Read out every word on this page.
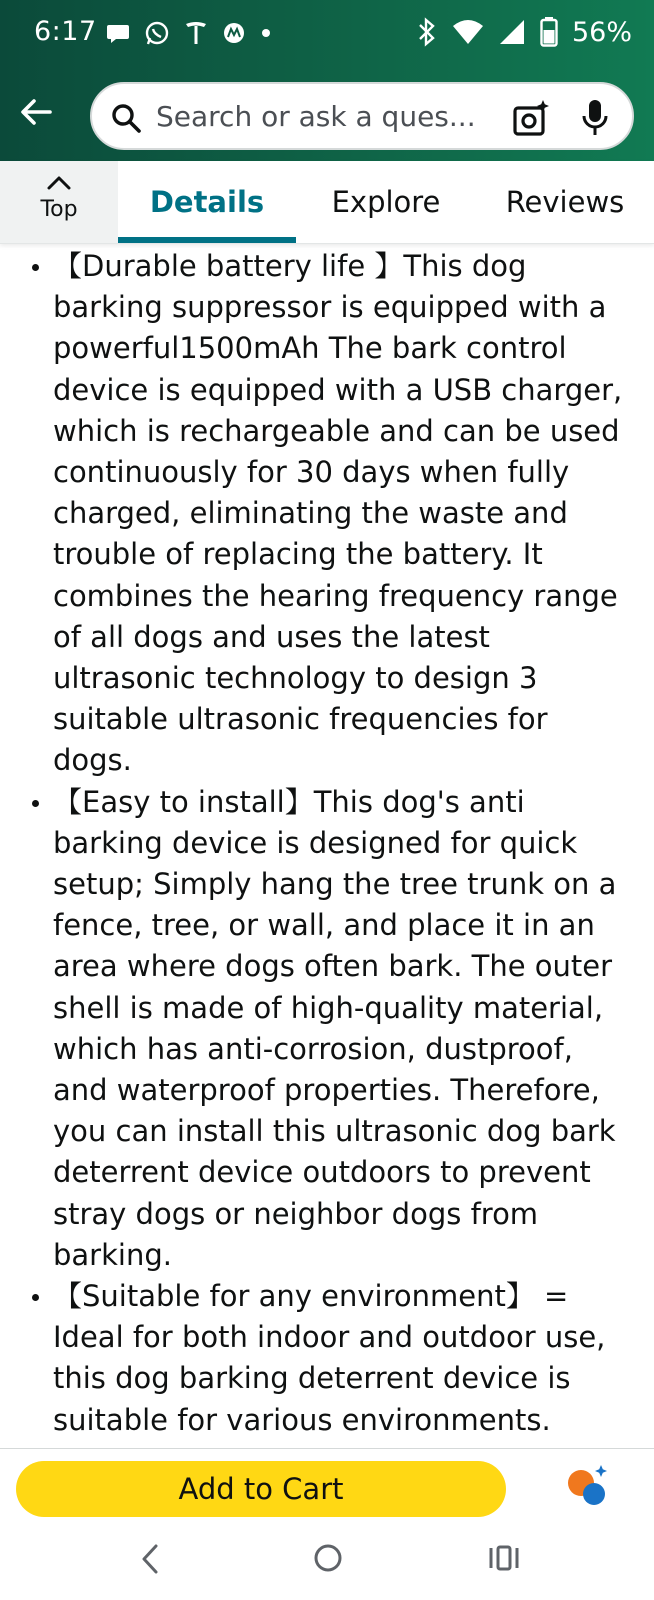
6:17	56%
Search or ask a ques...
Top	Details Explore Reviews
【Durable battery life 】This dog barking suppressor is equipped with a powerful1500mAh The bark control device is equipped with a USB charger, which is rechargeable and can be used continuously for 30 days when fully charged, eliminating the waste and trouble of replacing the battery. It combines the hearing frequency range of all dogs and uses the latest ultrasonic technology to design 3 suitable ultrasonic frequencies for dogs.
【Easy to install】This dog's anti barking device is designed for quick setup; Simply hang the tree trunk on a fence, tree, or wall, and place it in an area where dogs often bark. The outer shell is made of high-quality material, which has anti-corrosion, dustproof, and waterproof properties. Therefore, you can install this ultrasonic dog bark deterrent device outdoors to prevent stray dogs or neighbor dogs from barking.
【Suitable for any environment】 = Ideal for both indoor and outdoor use, this dog barking deterrent device is suitable for various environments.
Add to Cart
